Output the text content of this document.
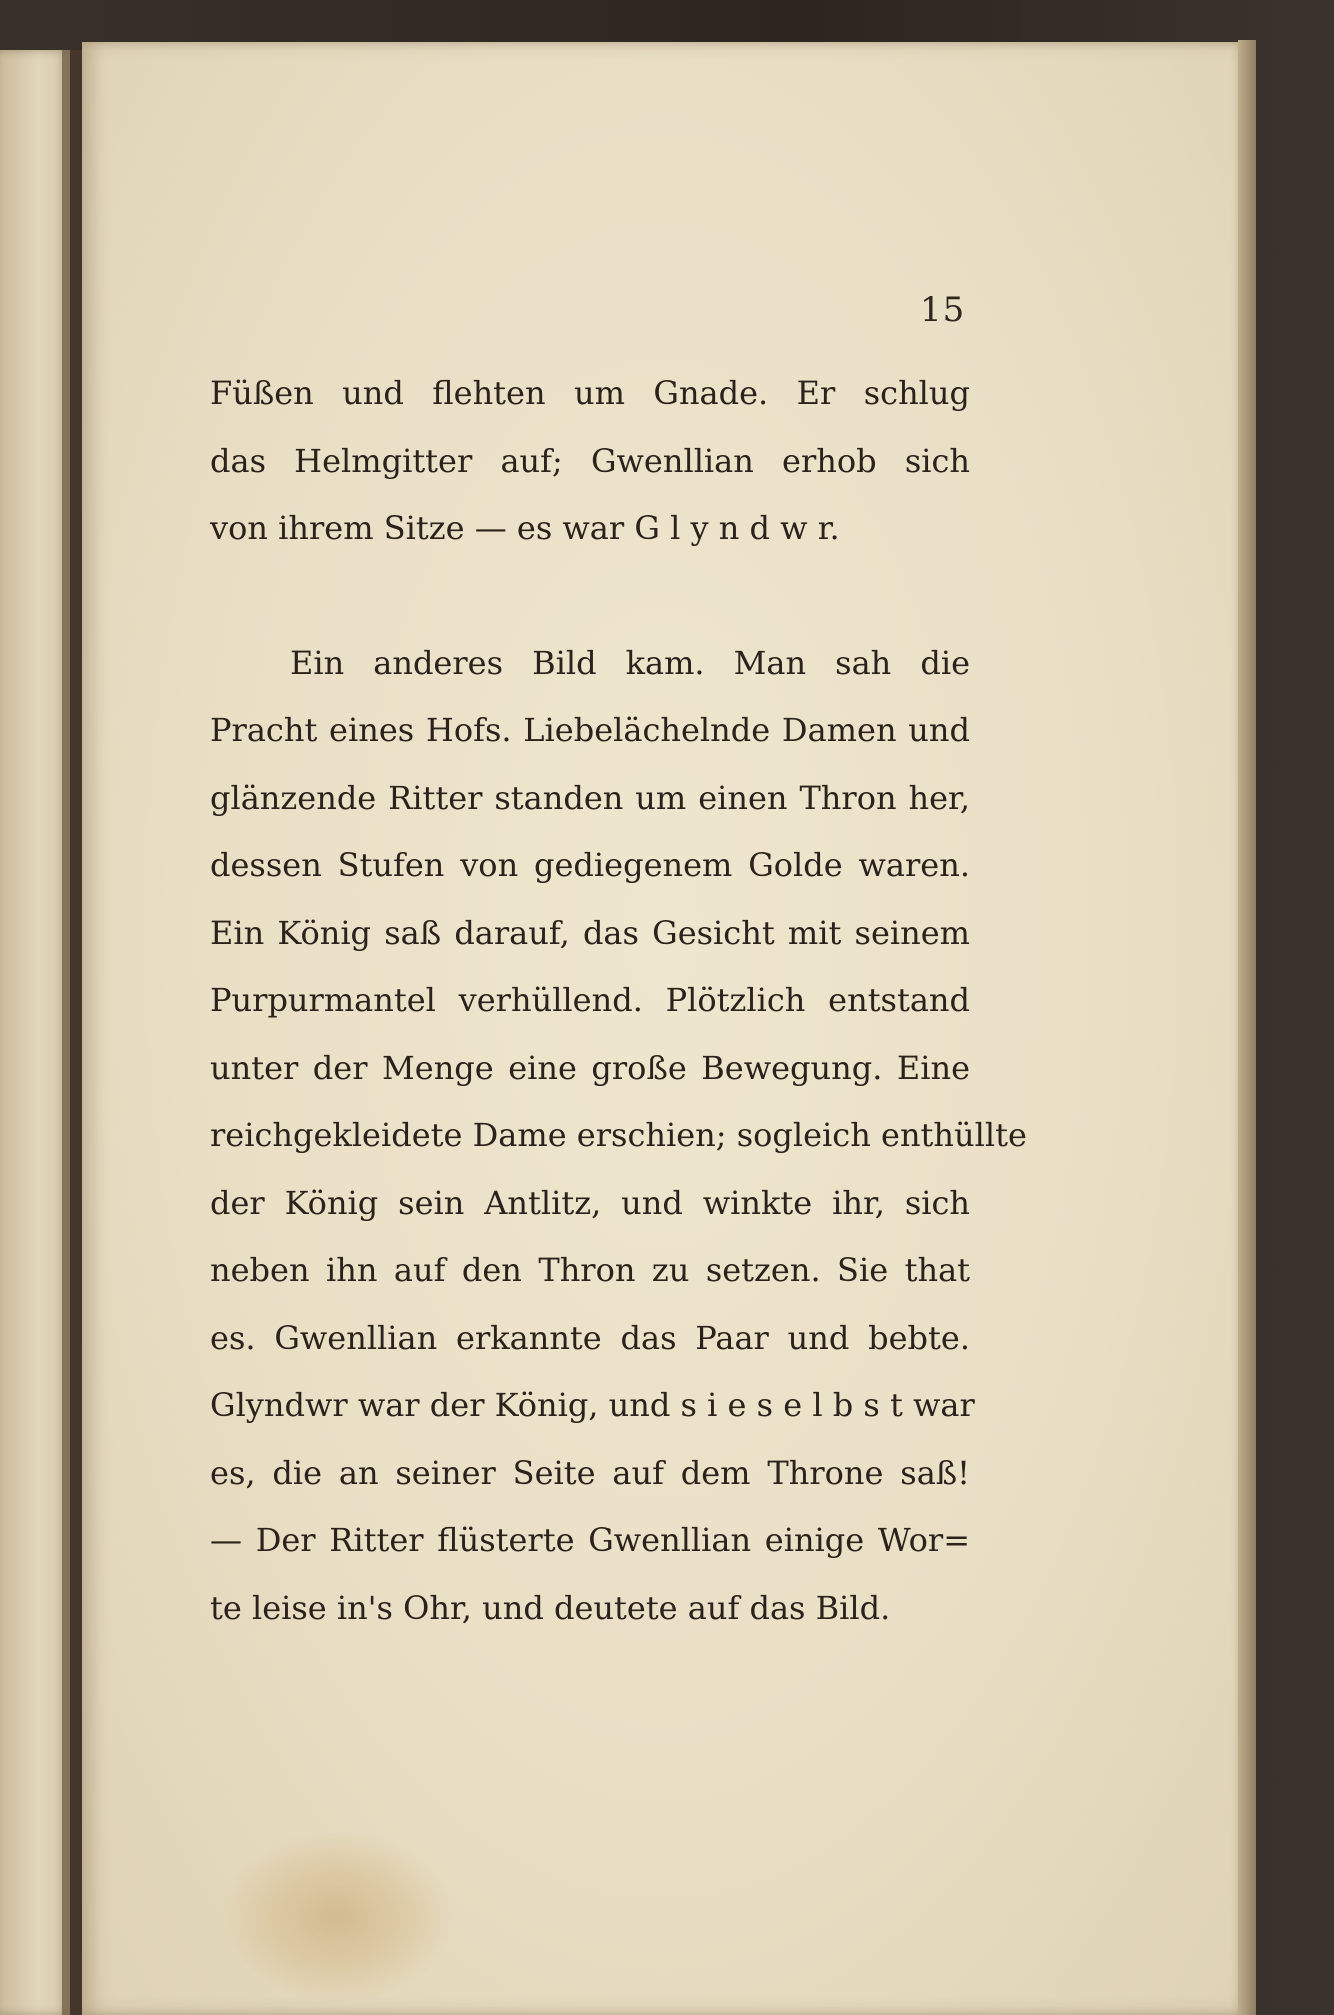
15
Füßen und flehten um Gnade. Er schlug
das Helmgitter auf; Gwenllian erhob sich
von ihrem Sitze — es war G l y n d w r.
Ein anderes Bild kam. Man sah die
Pracht eines Hofs. Liebelächelnde Damen und
glänzende Ritter standen um einen Thron her,
dessen Stufen von gediegenem Golde waren.
Ein König saß darauf, das Gesicht mit seinem
Purpurmantel verhüllend. Plötzlich entstand
unter der Menge eine große Bewegung. Eine
reichgekleidete Dame erschien; sogleich enthüllte
der König sein Antlitz, und winkte ihr, sich
neben ihn auf den Thron zu setzen. Sie that
es. Gwenllian erkannte das Paar und bebte.
Glyndwr war der König, und s i e s e l b s t war
es, die an seiner Seite auf dem Throne saß!
— Der Ritter flüsterte Gwenllian einige Wor=
te leise in's Ohr, und deutete auf das Bild.
